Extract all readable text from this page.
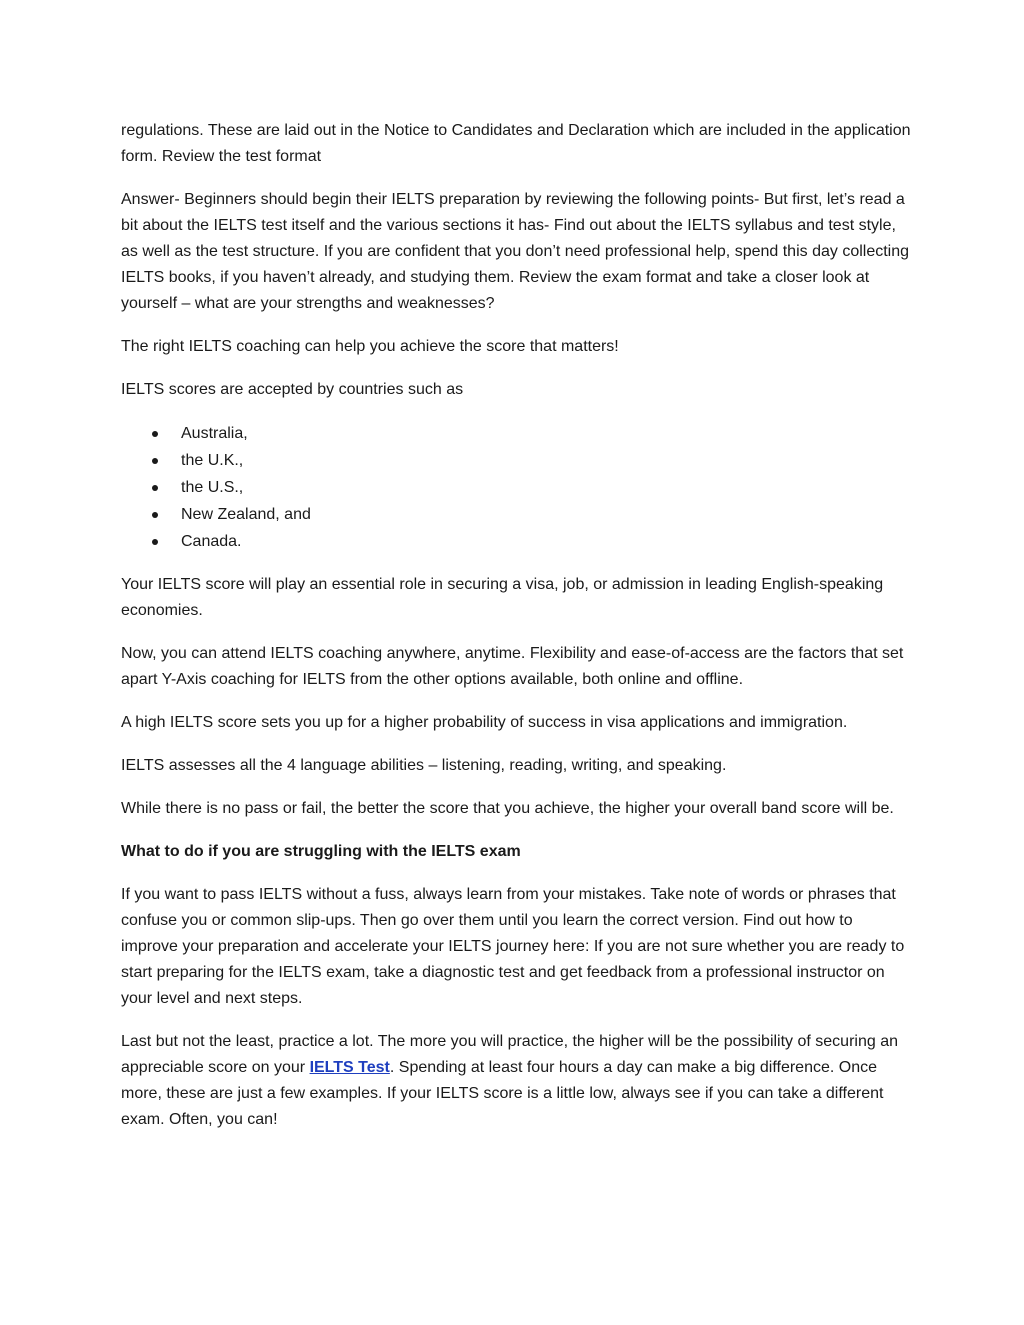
regulations. These are laid out in the Notice to Candidates and Declaration which are included in the application form. Review the test format

Answer- Beginners should begin their IELTS preparation by reviewing the following points- But first, let’s read a bit about the IELTS test itself and the various sections it has- Find out about the IELTS syllabus and test style, as well as the test structure. If you are confident that you don’t need professional help, spend this day collecting IELTS books, if you haven’t already, and studying them. Review the exam format and take a closer look at yourself – what are your strengths and weaknesses?

The right IELTS coaching can help you achieve the score that matters!

IELTS scores are accepted by countries such as

Australia,
the U.K.,
the U.S.,
New Zealand, and
Canada.

Your IELTS score will play an essential role in securing a visa, job, or admission in leading English-speaking economies.

Now, you can attend IELTS coaching anywhere, anytime. Flexibility and ease-of-access are the factors that set apart Y-Axis coaching for IELTS from the other options available, both online and offline.

A high IELTS score sets you up for a higher probability of success in visa applications and immigration.

IELTS assesses all the 4 language abilities – listening, reading, writing, and speaking.

While there is no pass or fail, the better the score that you achieve, the higher your overall band score will be.

What to do if you are struggling with the IELTS exam

If you want to pass IELTS without a fuss, always learn from your mistakes. Take note of words or phrases that confuse you or common slip-ups. Then go over them until you learn the correct version. Find out how to improve your preparation and accelerate your IELTS journey here: If you are not sure whether you are ready to start preparing for the IELTS exam, take a diagnostic test and get feedback from a professional instructor on your level and next steps.

Last but not the least, practice a lot. The more you will practice, the higher will be the possibility of securing an appreciable score on your IELTS Test. Spending at least four hours a day can make a big difference. Once more, these are just a few examples. If your IELTS score is a little low, always see if you can take a different exam. Often, you can!
